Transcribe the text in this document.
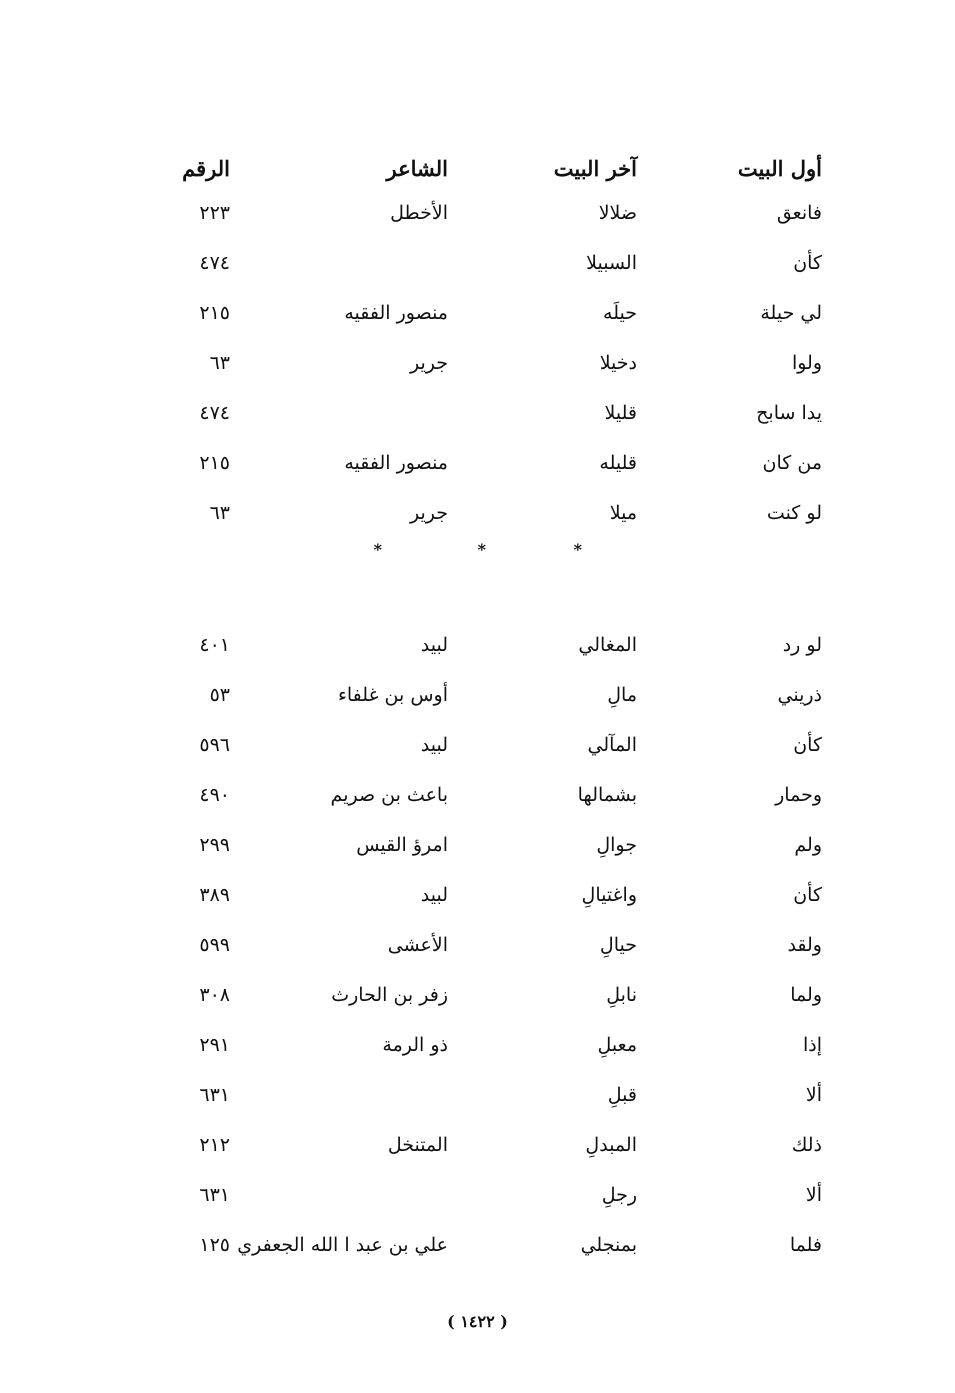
أول البيت
آخر البيت
الشاعر
الرقم
فانعق
ضلالا
الأخطل
٢٢٣
كأن
السبيلا
٤٧٤
لي حيلة
حيلَه
منصور الفقيه
٢١٥
ولوا
دخيلا
جرير
٦٣
يدا سابح
قليلا
٤٧٤
من كان
قليله
منصور الفقيه
٢١٥
لو كنت
ميلا
جرير
٦٣
*
*
*
لو رد
المغالي
لبيد
٤٠١
ذريني
مالِ
أوس بن غلفاء
٥٣
كأن
المآلي
لبيد
٥٩٦
وحمار
بشمالها
باعث بن صريم
٤٩٠
ولم
جوالِ
امرؤ القيس
٢٩٩
كأن
واغتيالِ
لبيد
٣٨٩
ولقد
حيالِ
الأعشى
٥٩٩
ولما
نابلِ
زفر بن الحارث
٣٠٨
إذا
معبلِ
ذو الرمة
٢٩١
ألا
قبلِ
٦٣١
ذلك
المبدلِ
المتنخل
٢١٢
ألا
رجلِ
٦٣١
فلما
بمنجلي
علي بن عبد ا الله الجعفري
١٢٥
( ١٤٢٢ )
